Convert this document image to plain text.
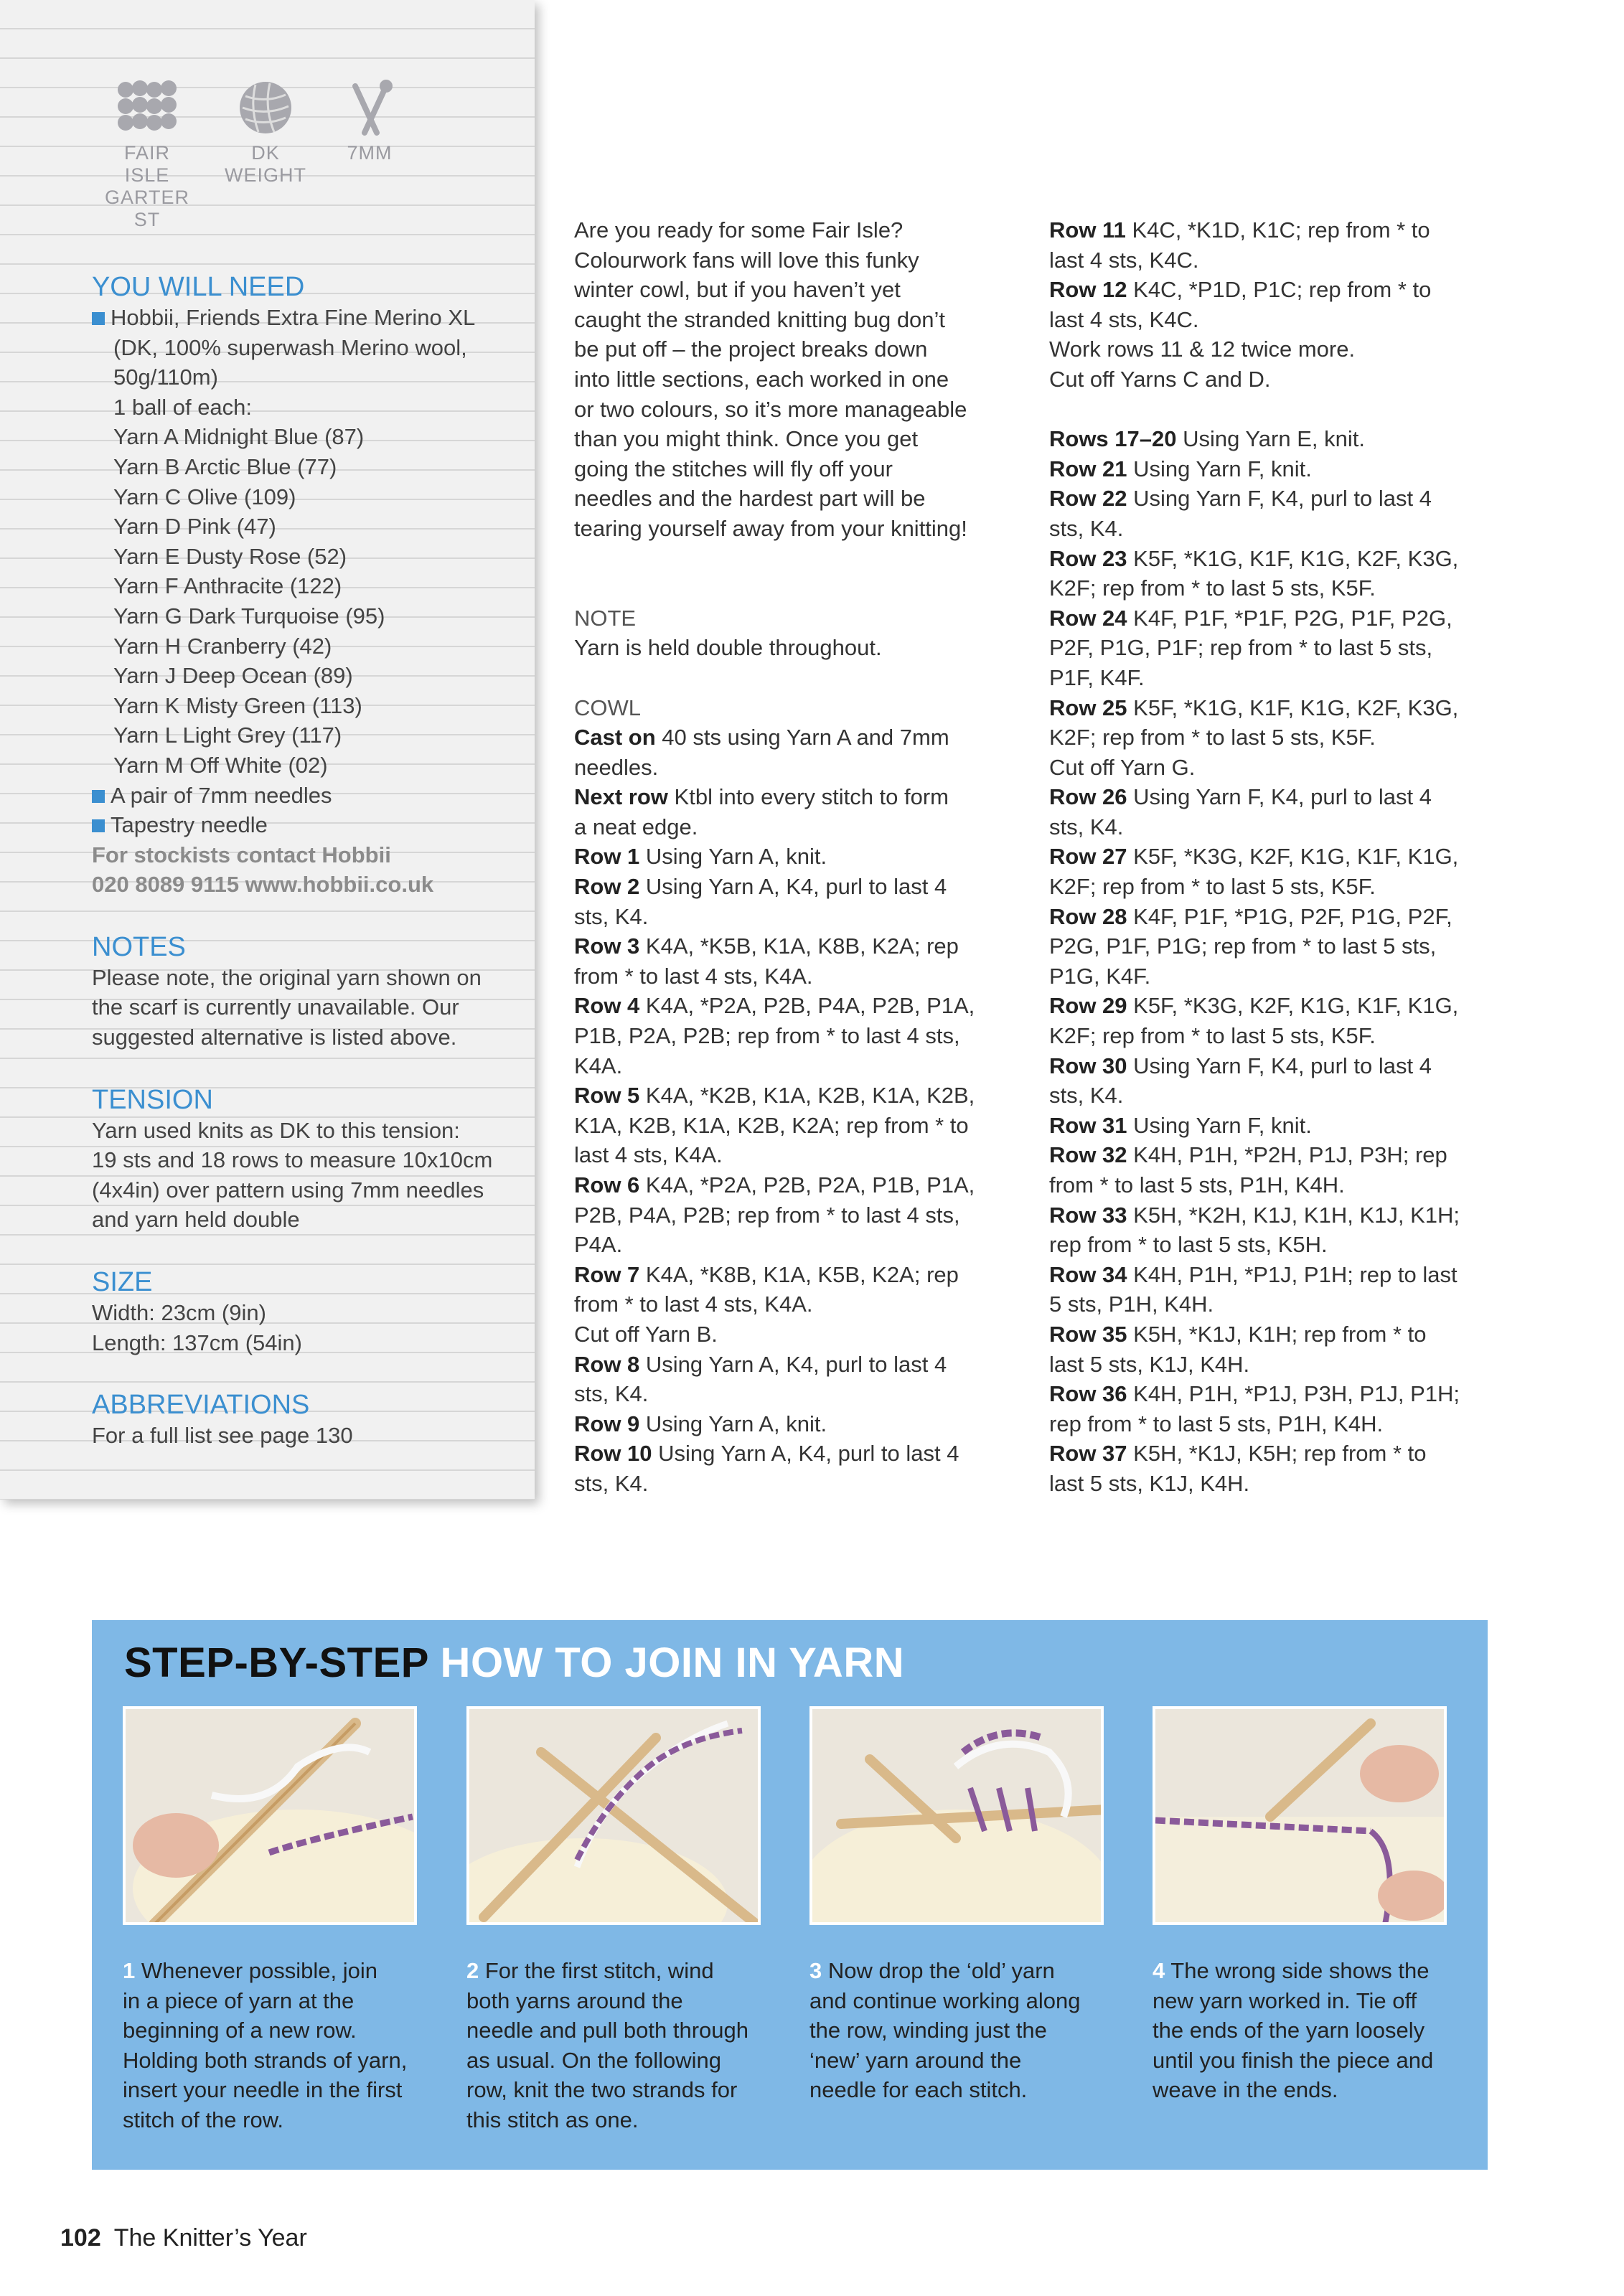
FAIR ISLE
GARTER ST
DK
WEIGHT
7MM
YOU WILL NEED
Hobbii, Friends Extra Fine Merino XL
(DK, 100% superwash Merino wool,
50g/110m)
1 ball of each:
Yarn A Midnight Blue (87)
Yarn B Arctic Blue (77)
Yarn C Olive (109)
Yarn D Pink (47)
Yarn E Dusty Rose (52)
Yarn F Anthracite (122)
Yarn G Dark Turquoise (95)
Yarn H Cranberry (42)
Yarn J Deep Ocean (89)
Yarn K Misty Green (113)
Yarn L Light Grey (117)
Yarn M Off White (02)
A pair of 7mm needles
Tapestry needle
For stockists contact Hobbii
020 8089 9115 www.hobbii.co.uk
NOTES
Please note, the original yarn shown on
the scarf is currently unavailable. Our
suggested alternative is listed above.
TENSION
Yarn used knits as DK to this tension:
19 sts and 18 rows to measure 10x10cm
(4x4in) over pattern using 7mm needles
and yarn held double
SIZE
Width: 23cm (9in)
Length: 137cm (54in)
ABBREVIATIONS
For a full list see page 130
Are you ready for some Fair Isle?
Colourwork fans will love this funky
winter cowl, but if you haven’t yet
caught the stranded knitting bug don’t
be put off – the project breaks down
into little sections, each worked in one
or two colours, so it’s more manageable
than you might think. Once you get
going the stitches will fly off your
needles and the hardest part will be
tearing yourself away from your knitting!
NOTE
Yarn is held double throughout.
COWL
Cast on 40 sts using Yarn A and 7mm
needles.
Next row Ktbl into every stitch to form
a neat edge.
Row 1 Using Yarn A, knit.
Row 2 Using Yarn A, K4, purl to last 4
sts, K4.
Row 3 K4A, *K5B, K1A, K8B, K2A; rep
from * to last 4 sts, K4A.
Row 4 K4A, *P2A, P2B, P4A, P2B, P1A,
P1B, P2A, P2B; rep from * to last 4 sts,
K4A.
Row 5 K4A, *K2B, K1A, K2B, K1A, K2B,
K1A, K2B, K1A, K2B, K2A; rep from * to
last 4 sts, K4A.
Row 6 K4A, *P2A, P2B, P2A, P1B, P1A,
P2B, P4A, P2B; rep from * to last 4 sts,
P4A.
Row 7 K4A, *K8B, K1A, K5B, K2A; rep
from * to last 4 sts, K4A.
Cut off Yarn B.
Row 8 Using Yarn A, K4, purl to last 4
sts, K4.
Row 9 Using Yarn A, knit.
Row 10 Using Yarn A, K4, purl to last 4
sts, K4.
Row 11 K4C, *K1D, K1C; rep from * to
last 4 sts, K4C.
Row 12 K4C, *P1D, P1C; rep from * to
last 4 sts, K4C.
Work rows 11 & 12 twice more.
Cut off Yarns C and D.
Rows 17–20 Using Yarn E, knit.
Row 21 Using Yarn F, knit.
Row 22 Using Yarn F, K4, purl to last 4
sts, K4.
Row 23 K5F, *K1G, K1F, K1G, K2F, K3G,
K2F; rep from * to last 5 sts, K5F.
Row 24 K4F, P1F, *P1F, P2G, P1F, P2G,
P2F, P1G, P1F; rep from * to last 5 sts,
P1F, K4F.
Row 25 K5F, *K1G, K1F, K1G, K2F, K3G,
K2F; rep from * to last 5 sts, K5F.
Cut off Yarn G.
Row 26 Using Yarn F, K4, purl to last 4
sts, K4.
Row 27 K5F, *K3G, K2F, K1G, K1F, K1G,
K2F; rep from * to last 5 sts, K5F.
Row 28 K4F, P1F, *P1G, P2F, P1G, P2F,
P2G, P1F, P1G; rep from * to last 5 sts,
P1G, K4F.
Row 29 K5F, *K3G, K2F, K1G, K1F, K1G,
K2F; rep from * to last 5 sts, K5F.
Row 30 Using Yarn F, K4, purl to last 4
sts, K4.
Row 31 Using Yarn F, knit.
Row 32 K4H, P1H, *P2H, P1J, P3H; rep
from * to last 5 sts, P1H, K4H.
Row 33 K5H, *K2H, K1J, K1H, K1J, K1H;
rep from * to last 5 sts, K5H.
Row 34 K4H, P1H, *P1J, P1H; rep to last
5 sts, P1H, K4H.
Row 35 K5H, *K1J, K1H; rep from * to
last 5 sts, K1J, K4H.
Row 36 K4H, P1H, *P1J, P3H, P1J, P1H;
rep from * to last 5 sts, P1H, K4H.
Row 37 K5H, *K1J, K5H; rep from * to
last 5 sts, K1J, K4H.
STEP-BY-STEP HOW TO JOIN IN YARN
1 Whenever possible, join
in a piece of yarn at the
beginning of a new row.
Holding both strands of yarn,
insert your needle in the first
stitch of the row.
2 For the first stitch, wind
both yarns around the
needle and pull both through
as usual. On the following
row, knit the two strands for
this stitch as one.
3 Now drop the ‘old’ yarn
and continue working along
the row, winding just the
‘new’ yarn around the
needle for each stitch.
4 The wrong side shows the
new yarn worked in. Tie off
the ends of the yarn loosely
until you finish the piece and
weave in the ends.
102 The Knitter’s Year
